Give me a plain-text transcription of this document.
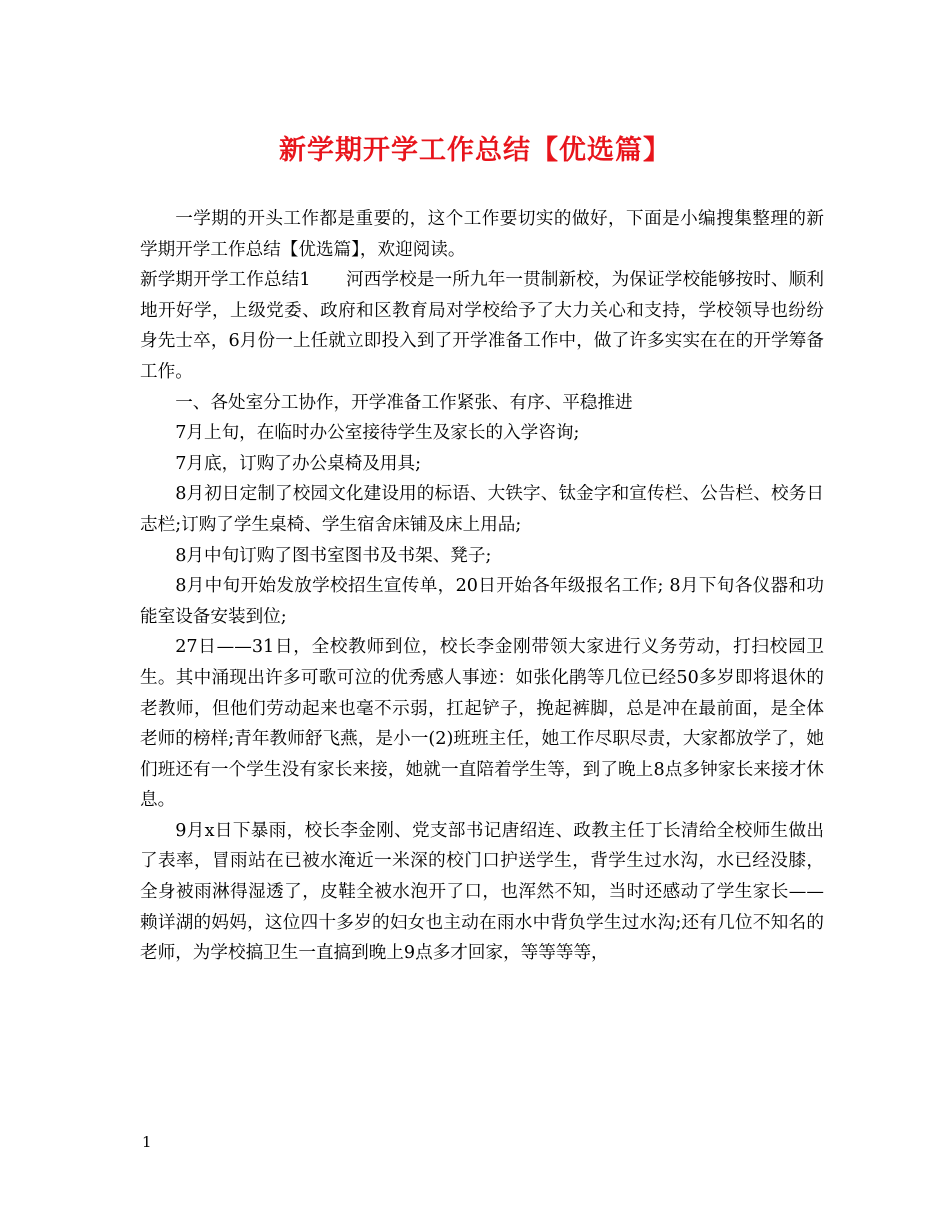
新学期开学工作总结【优选篇】

一学期的开头工作都是重要的，这个工作要切实的做好，下面是小编搜集整理的新学期开学工作总结【优选篇】，欢迎阅读。

新学期开学工作总结1　　河西学校是一所九年一贯制新校，为保证学校能够按时、顺利地开好学，上级党委、政府和区教育局对学校给予了大力关心和支持，学校领导也纷纷身先士卒，6月份一上任就立即投入到了开学准备工作中，做了许多实实在在的开学筹备工作。

一、各处室分工协作，开学准备工作紧张、有序、平稳推进

7月上旬，在临时办公室接待学生及家长的入学咨询;

7月底，订购了办公桌椅及用具;

8月初日定制了校园文化建设用的标语、大铁字、钛金字和宣传栏、公告栏、校务日志栏;订购了学生桌椅、学生宿舍床铺及床上用品;

8月中旬订购了图书室图书及书架、凳子;

8月中旬开始发放学校招生宣传单，20日开始各年级报名工作; 8月下旬各仪器和功能室设备安装到位;

27日——31日，全校教师到位，校长李金刚带领大家进行义务劳动，打扫校园卫生。其中涌现出许多可歌可泣的优秀感人事迹：如张化鹃等几位已经50多岁即将退休的老教师，但他们劳动起来也毫不示弱，扛起铲子，挽起裤脚，总是冲在最前面，是全体老师的榜样;青年教师舒飞燕，是小一(2)班班主任，她工作尽职尽责，大家都放学了，她们班还有一个学生没有家长来接，她就一直陪着学生等，到了晚上8点多钟家长来接才休息。

9月x日下暴雨，校长李金刚、党支部书记唐绍连、政教主任丁长清给全校师生做出了表率，冒雨站在已被水淹近一米深的校门口护送学生，背学生过水沟，水已经没膝，全身被雨淋得湿透了，皮鞋全被水泡开了口，也浑然不知，当时还感动了学生家长——赖详湖的妈妈，这位四十多岁的妇女也主动在雨水中背负学生过水沟;还有几位不知名的老师，为学校搞卫生一直搞到晚上9点多才回家，等等等等，

1
